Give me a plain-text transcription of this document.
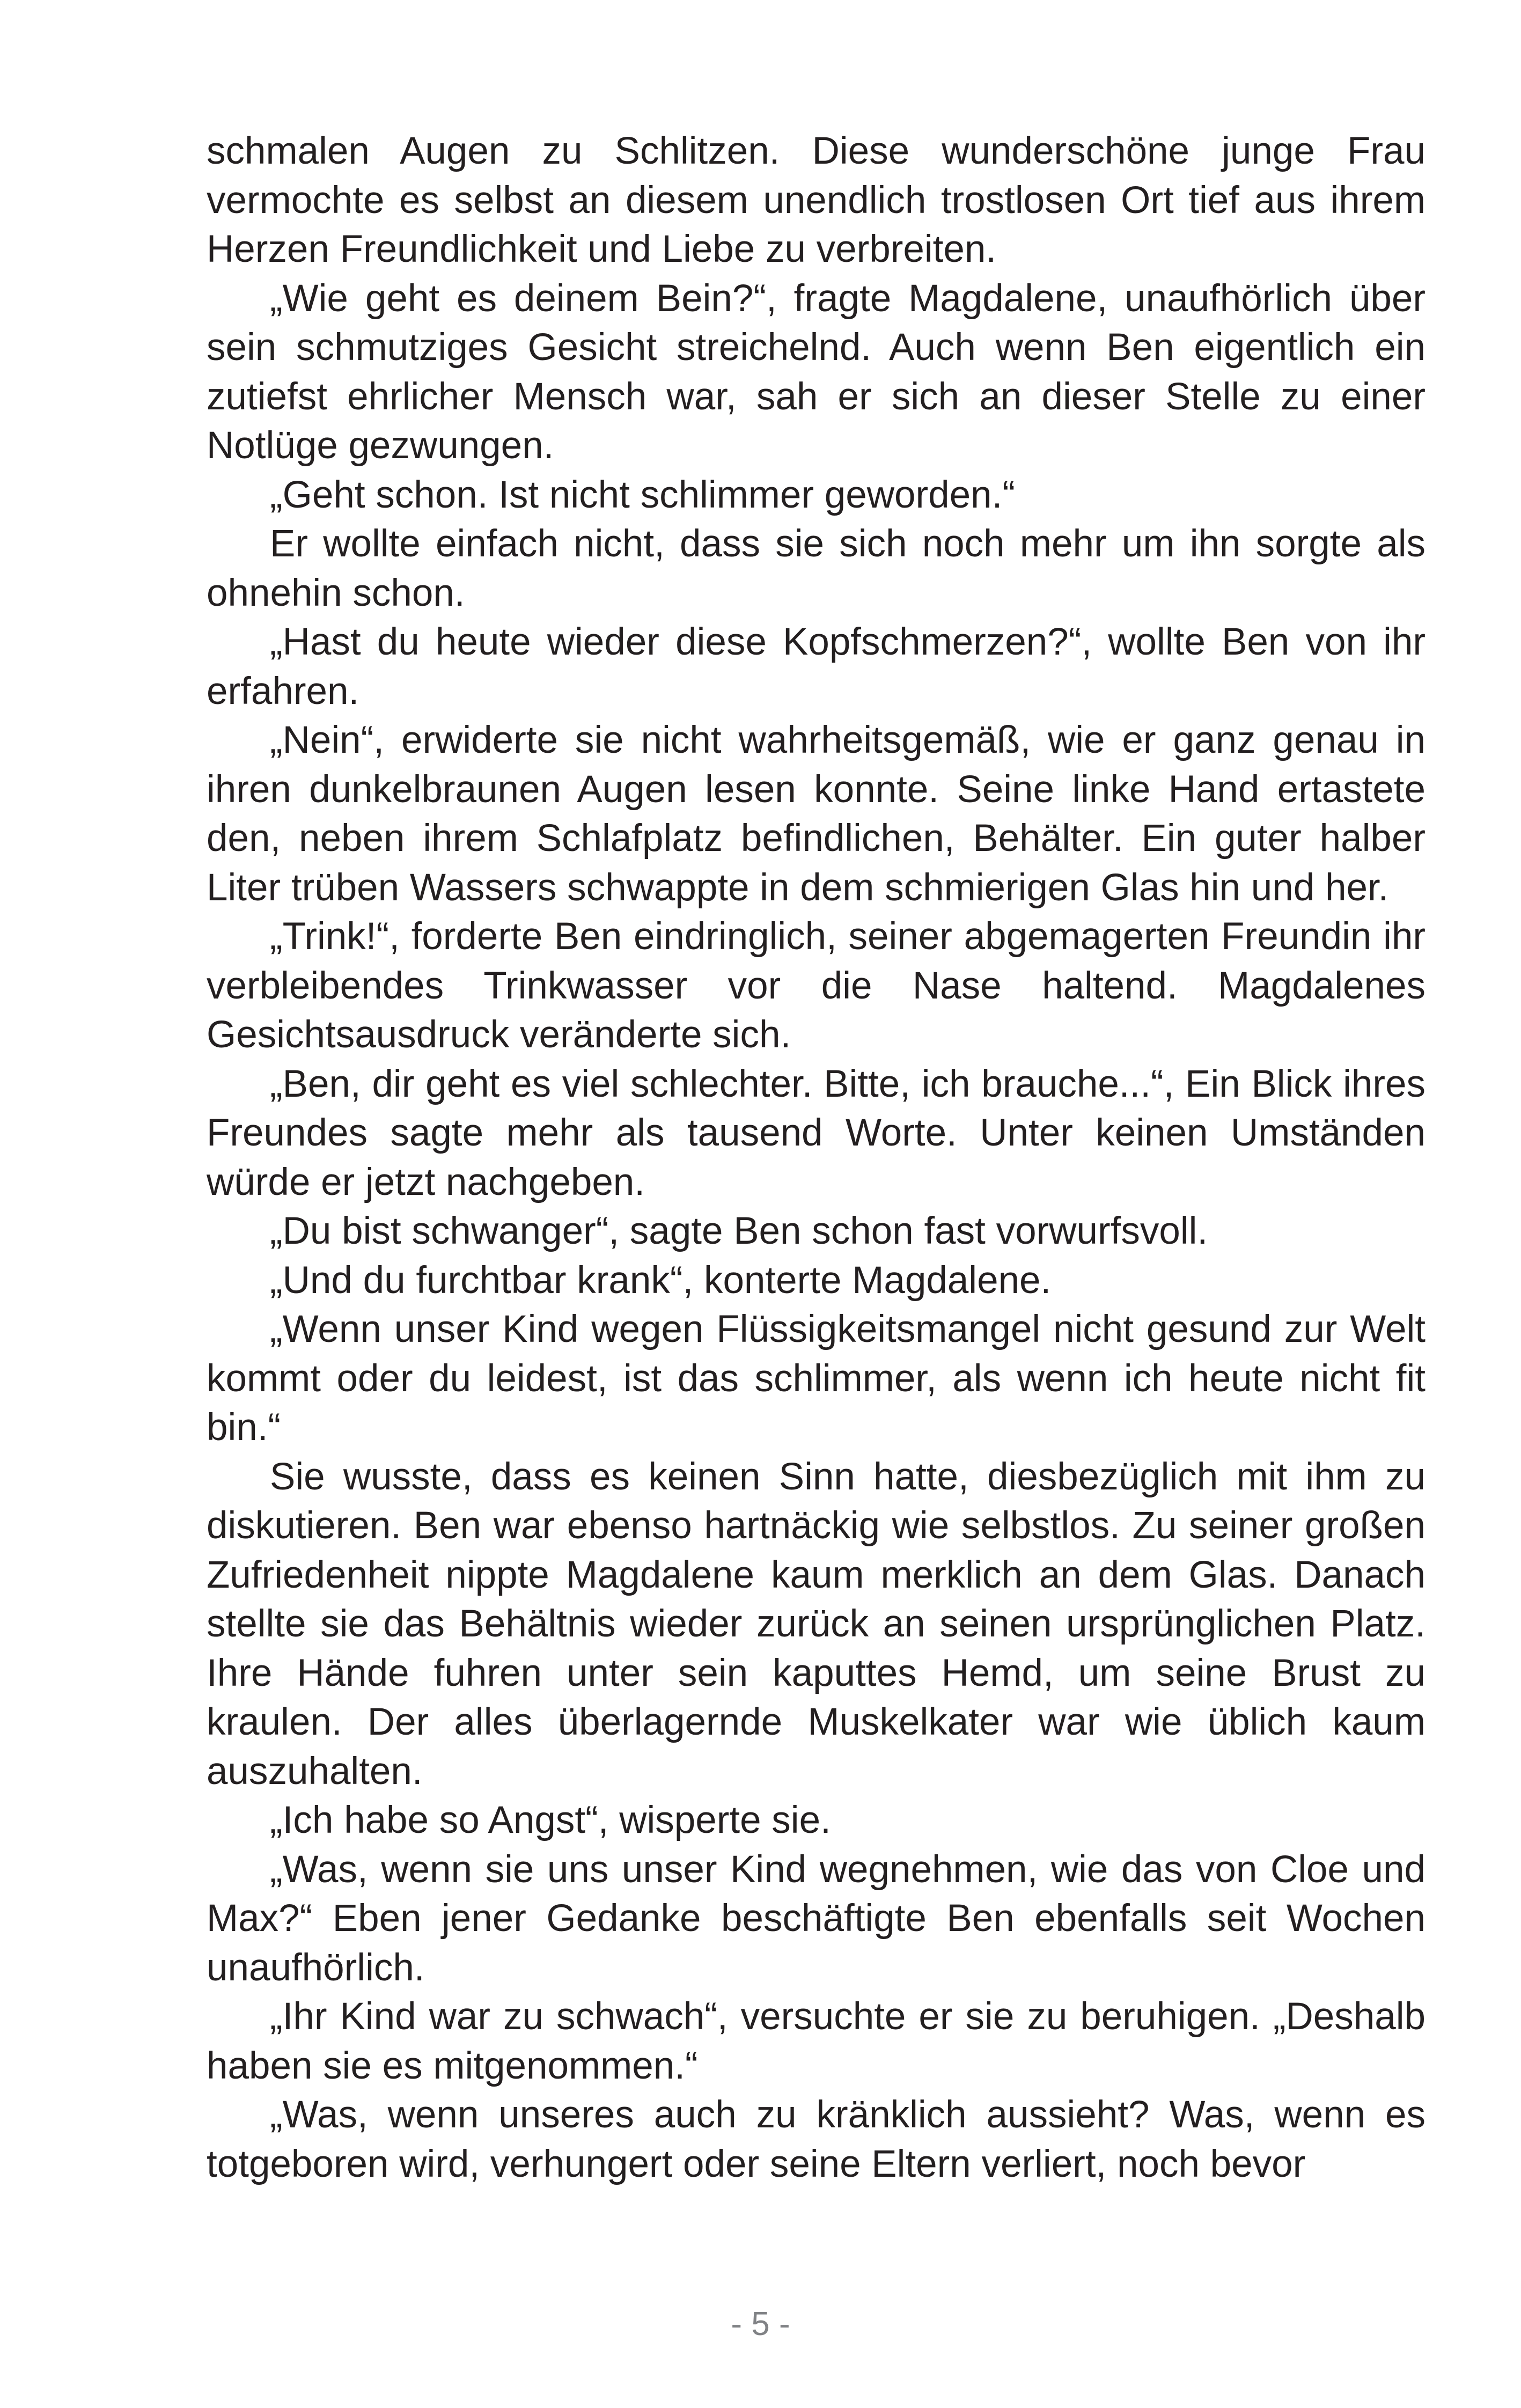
schmalen Augen zu Schlitzen. Diese wunderschöne junge Frau vermochte es selbst an diesem unendlich trostlosen Ort tief aus ihrem Herzen Freundlichkeit und Liebe zu verbreiten.

„Wie geht es deinem Bein?“, fragte Magdalene, unaufhörlich über sein schmutziges Gesicht streichelnd. Auch wenn Ben eigentlich ein zutiefst ehrlicher Mensch war, sah er sich an dieser Stelle zu einer Notlüge gezwungen.

„Geht schon. Ist nicht schlimmer geworden.“

Er wollte einfach nicht, dass sie sich noch mehr um ihn sorgte als ohnehin schon.

„Hast du heute wieder diese Kopfschmerzen?“, wollte Ben von ihr erfahren.

„Nein“, erwiderte sie nicht wahrheitsgemäß, wie er ganz genau in ihren dunkelbraunen Augen lesen konnte. Seine linke Hand ertastete den, neben ihrem Schlafplatz befindlichen, Behälter. Ein guter halber Liter trüben Wassers schwappte in dem schmierigen Glas hin und her.

„Trink!“, forderte Ben eindringlich, seiner abgemagerten Freundin ihr verbleibendes Trinkwasser vor die Nase haltend. Magdalenes Gesichtsausdruck veränderte sich.

„Ben, dir geht es viel schlechter. Bitte, ich brauche...“, Ein Blick ihres Freundes sagte mehr als tausend Worte. Unter keinen Umständen würde er jetzt nachgeben.

„Du bist schwanger“, sagte Ben schon fast vorwurfsvoll.

„Und du furchtbar krank“, konterte Magdalene.

„Wenn unser Kind wegen Flüssigkeitsmangel nicht gesund zur Welt kommt oder du leidest, ist das schlimmer, als wenn ich heute nicht fit bin.“

Sie wusste, dass es keinen Sinn hatte, diesbezüglich mit ihm zu diskutieren. Ben war ebenso hartnäckig wie selbstlos. Zu seiner großen Zufriedenheit nippte Magdalene kaum merklich an dem Glas. Danach stellte sie das Behältnis wieder zurück an seinen ursprünglichen Platz. Ihre Hände fuhren unter sein kaputtes Hemd, um seine Brust zu kraulen. Der alles überlagernde Muskelkater war wie üblich kaum auszuhalten.

„Ich habe so Angst“, wisperte sie.

„Was, wenn sie uns unser Kind wegnehmen, wie das von Cloe und Max?“ Eben jener Gedanke beschäftigte Ben ebenfalls seit Wochen unaufhörlich.

„Ihr Kind war zu schwach“, versuchte er sie zu beruhigen. „Deshalb haben sie es mitgenommen.“

„Was, wenn unseres auch zu kränklich aussieht? Was, wenn es totgeboren wird, verhungert oder seine Eltern verliert, noch bevor

- 5 -
